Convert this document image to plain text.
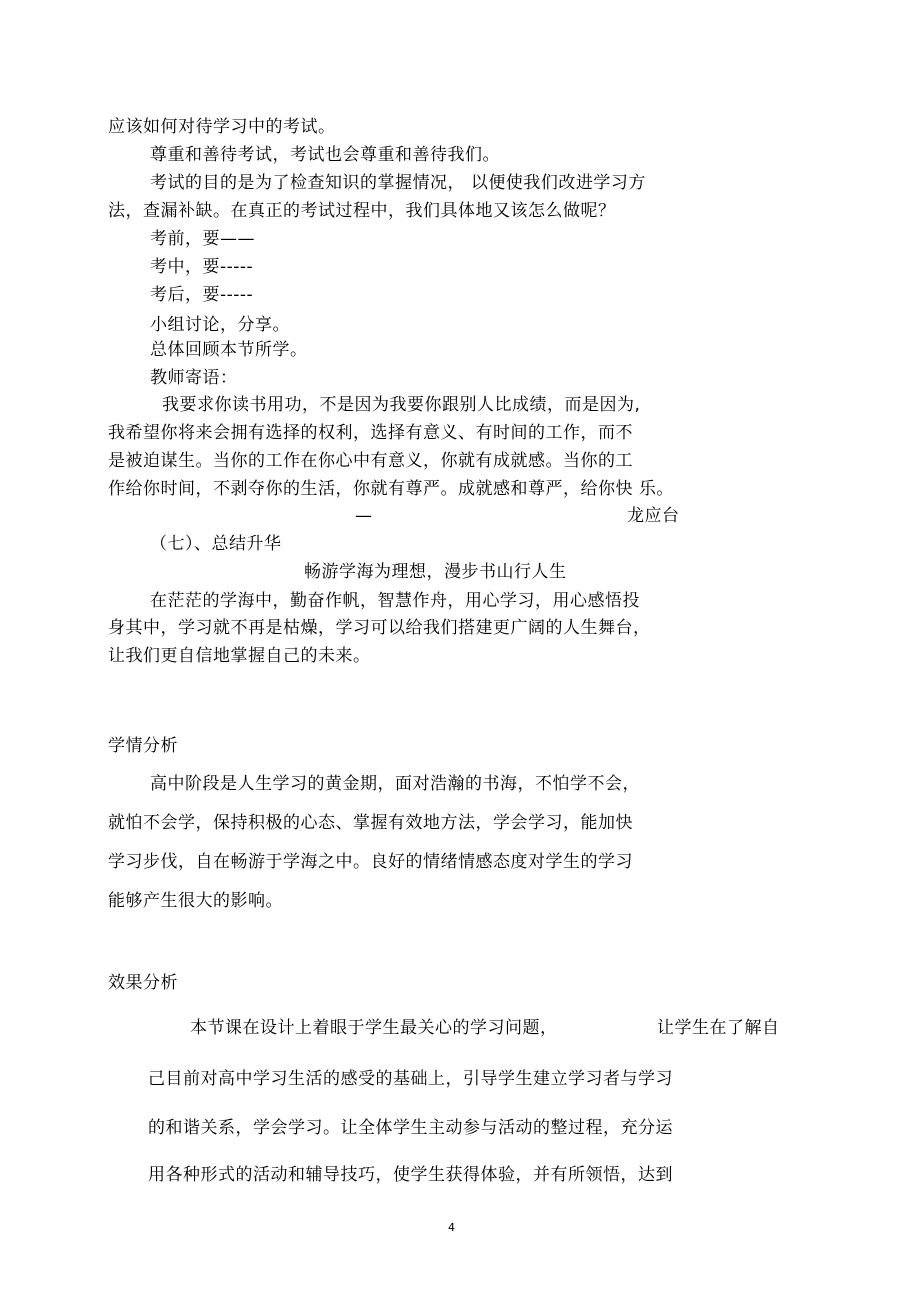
应该如何对待学习中的考试。
尊重和善待考试，考试也会尊重和善待我们。
考试的目的是为了检查知识的掌握情况， 以便使我们改进学习方
法，查漏补缺。在真正的考试过程中，我们具体地又该怎么做呢？
考前，要——
考中，要-----
考后，要-----
小组讨论，分享。
总体回顾本节所学。
教师寄语：
我要求你读书用功，不是因为我要你跟别人比成绩，而是因为,
我希望你将来会拥有选择的权利，选择有意义、有时间的工作，而不
是被迫谋生。当你的工作在你心中有意义，你就有成就感。当你的工
作给你时间，不剥夺你的生活，你就有尊严。成就感和尊严，给你快 乐。
—	龙应台
（七）、总结升华
畅游学海为理想，漫步书山行人生
在茫茫的学海中，勤奋作帆，智慧作舟，用心学习，用心感悟投
身其中，学习就不再是枯燥，学习可以给我们搭建更广阔的人生舞台，
让我们更自信地掌握自己的未来。
学情分析
高中阶段是人生学习的黄金期，面对浩瀚的书海，不怕学不会，
就怕不会学，保持积极的心态、掌握有效地方法，学会学习，能加快
学习步伐，自在畅游于学海之中。良好的情绪情感态度对学生的学习
能够产生很大的影响。
效果分析
本节课在设计上着眼于学生最关心的学习问题，	让学生在了解自
己目前对高中学习生活的感受的基础上，引导学生建立学习者与学习
的和谐关系，学会学习。让全体学生主动参与活动的整过程，充分运
用各种形式的活动和辅导技巧，使学生获得体验，并有所领悟，达到
4
